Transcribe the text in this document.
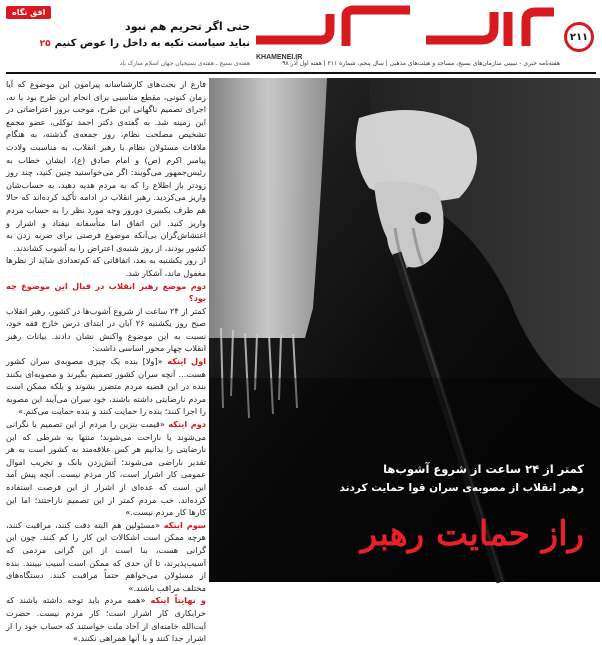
۲۱۱
KHAMENEI.IR
هفته‌نامه خبری - تبیینی سازمان‌های بسیج، مساجد و هیئت‌های مذهبی | سال پنجم، شماره ۲۱۱ | هفته اول آذر ۹۸
افق نگاه
حتی اگر تحریم هم نبود
نباید سیاست تکیه به داخل را عوض کنیم۲۵
هفته‌ی بسیج ـ هفته‌ی بسیجیان جهان اسلام مبارک باد

فارغ از بحث‌های کارشناسانه پیرامون این موضوع که آیا زمان کنونی، مقطع مناسبی برای انجام این طرح بود یا نه، اجرای تصمیم ناگهانی این طرح، موجب بروز اعتراضاتی در این زمینه شد. به گفته‌ی دکتر احمد توکلی، عضو مجمع تشخیص مصلحت نظام، روز جمعه‌ی گذشته، به هنگام ملاقات مسئولان نظام با رهبر انقلاب، به مناسبت ولادت پیامبر اکرم (ص) و امام صادق (ع)، ایشان خطاب به رئیس‌جمهور می‌گویند: اگر می‌خواستید چنین کنید، چند روز زودتر باز اطلاع را که به مردم هدیه دهید، به حساب‌شان واریز می‌کردید. رهبر انقلاب در ادامه تأکید کرده‌اند که حالا هم طرف یکسری دوروز وجه مورد نظر را به حساب مردم واریز کنید. این اتفاق اما متأسفانه نیفتاد و اشرار و اغتشاش‌گران بی‌آنکه موضوع فرصتی برای ضربه زدن به کشور بودند، از روز شنبه‌ی اعتراض را به آشوب کشاندند.

از روز یکشنبه به بعد، اتفاقاتی که کم‌تعدادی شاید از نظر‌ها مغفول ماند، آشکار شد.

دوم موضع رهبر انقلاب در قبال این موضوع چه بود؟

کمتر از ۲۴ ساعت از شروع آشوب‌ها در کشور، رهبر انقلاب صبح روز یکشنبه ۲۶ آبان در ابتدای درس خارج فقه خود، نسبت به این موضوع واکنش نشان دادند. بیانات رهبر انقلاب چهار محور اساسی داشت:

اول اینکه «[ولا] بنده یک چیزی مصوبه‌ی سران کشور هست... آنچه سران کشور تصمیم بگیرند و مصوبه‌ای بکنند بنده در این قضیه مردم متضرر بشوند و بلکه ممکن است مردم نارضایتی داشته باشند، خود سران می‌آیند این مصوبه را اجرا کنند؛ بنده را حمایت کنند و بنده حمایت می‌کنم.»

دوم اینکه «قیمت بنزین را مردم از این تصمیم با نگرانی می‌شوند یا ناراحت می‌شوند؛ منتها به شرطی که این نارضایتی را بدانیم هر کس علاقه‌مند به کشور است به هر تقدیر ناراضی می‌شوند؛ آتش‌زدن بانک و تخریب اموال عمومی کار اشرار است، کار مردم نیست. آنچه پیش آمد این است که عده‌ای از اشرار از این فرصت استفاده کرده‌اند. خب مردم کمتر از این تصمیم ناراحتند؛ اما این کارها کار مردم نیست.»

سوم اینکه «مسئولین هم البته دقت کنند، مراقبت کنند، هرچه ممکن است اشکالات این کار را کم کنند. چون این گرانی هست، بنا است از این گرانی مردمی که آسیب‌پذیرند، تا آن حدی که ممکن است آسیب نبینند. بنده از مسئولان می‌خواهم حتماً مراقبت کنند. دستگاه‌های مختلف مراقب باشند.»

و نهایتاً اینکه «همه مردم باید توجه داشته باشند که خرابکاری کار اشرار است؛ کار مردم نیست. حضرت آیت‌الله خامنه‌ای از آحاد ملت خواستند که حساب خود را از اشرار جدا کنند و با آنها همراهی نکنند.»

کمتر از ۲۴ ساعت از شروع آشوب‌ها
رهبر انقلاب از مصوبه‌ی سران قوا حمایت کردند
راز حمایت رهبر
